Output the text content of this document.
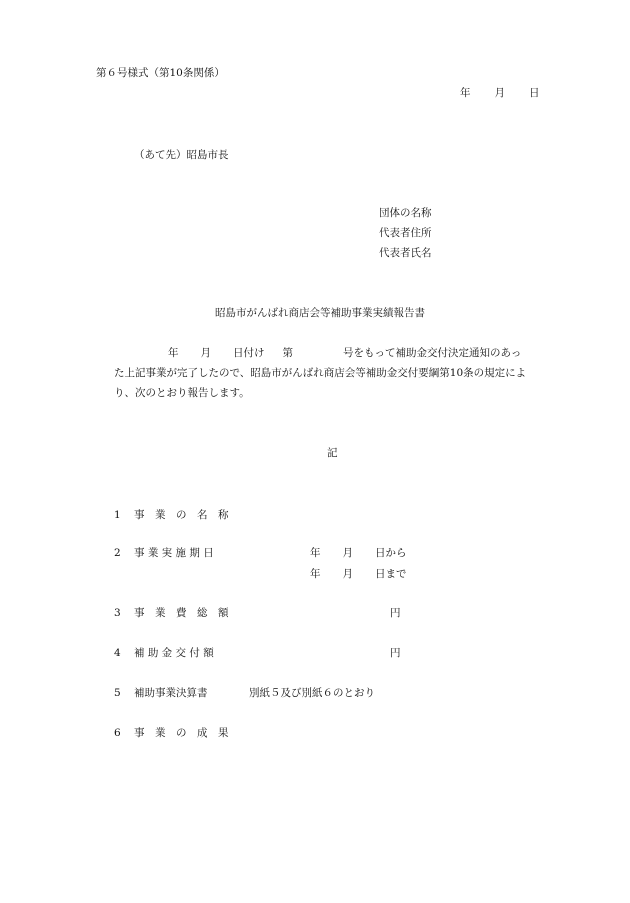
第６号様式（第10条関係）
年 月 日
（あて先）昭島市長
団体の名称
代表者住所
代表者氏名
昭島市がんばれ商店会等補助事業実績報告書
年 月 日付け 第	号をもって補助金交付決定通知のあっ
た上記事業が完了したので、昭島市がんばれ商店会等補助金交付要綱第10条の規定によ
り、次のとおり報告します。
記
1 事　業　の　名　称
2 事 業 実 施 期 日	年 月 日から
年 月 日まで
3 事　業　費　総　額	円
4 補 助 金 交 付 額	円
5 補助事業決算書	別紙５及び別紙６のとおり
6 事　業　の　成　果
